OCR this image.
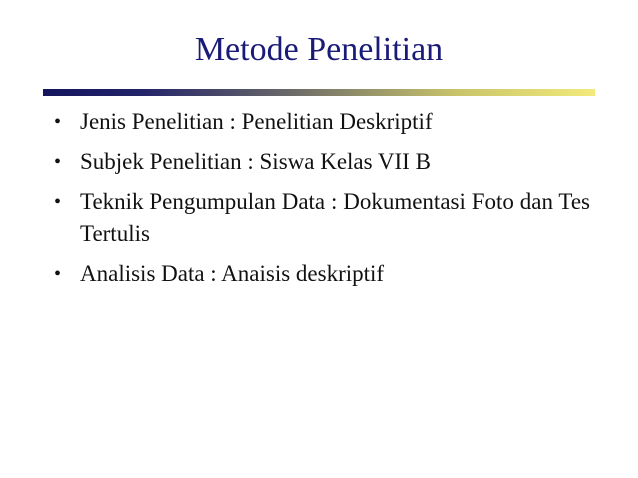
Metode Penelitian
• Jenis Penelitian : Penelitian Deskriptif
• Subjek Penelitian : Siswa Kelas VII B
• Teknik Pengumpulan Data : Dokumentasi Foto dan Tes Tertulis
• Analisis Data : Anaisis deskriptif
